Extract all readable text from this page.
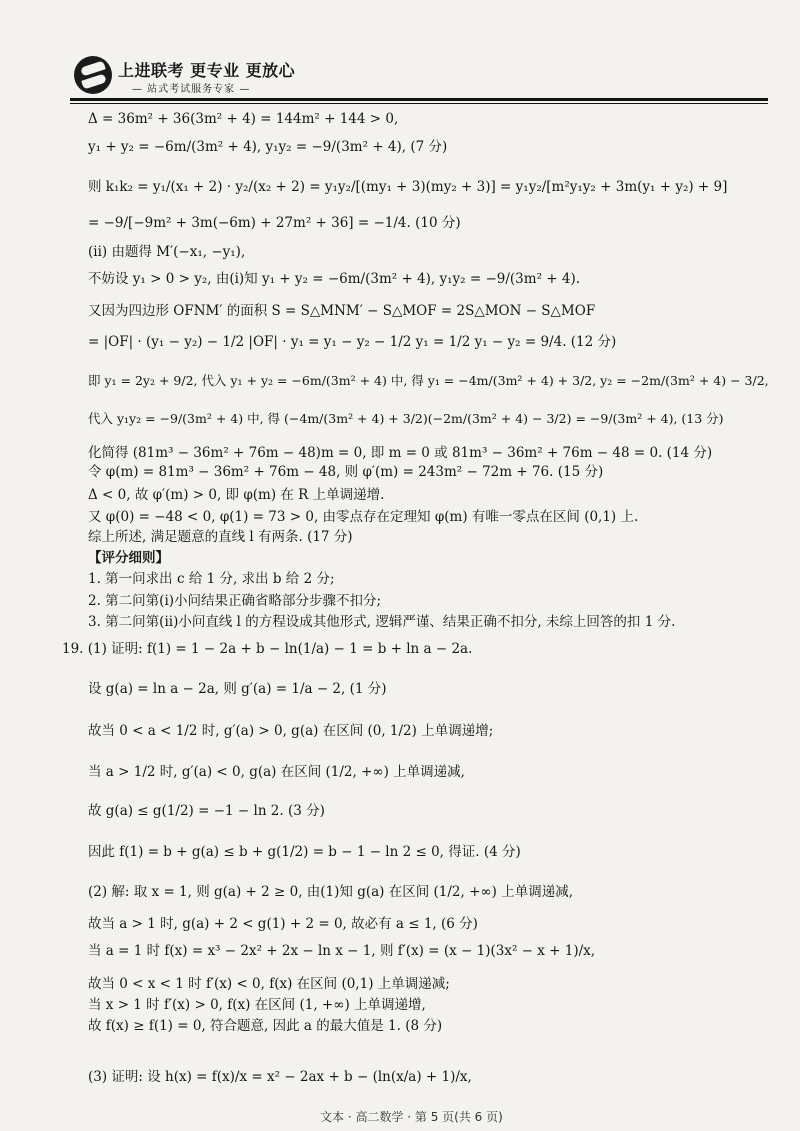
上进联考 更专业 更放心
— 站式考试服务专家 —
Δ = 36m² + 36(3m² + 4) = 144m² + 144 > 0,
y₁ + y₂ = −6m/(3m² + 4), y₁y₂ = −9/(3m² + 4), (7 分)
则 k₁k₂ = y₁/(x₁ + 2) · y₂/(x₂ + 2) = y₁y₂/[(my₁ + 3)(my₂ + 3)] = y₁y₂/[m²y₁y₂ + 3m(y₁ + y₂) + 9]
= −9/[−9m² + 3m(−6m) + 27m² + 36] = −1/4. (10 分)
(ii) 由题得 M′(−x₁, −y₁),
不妨设 y₁ > 0 > y₂, 由(i)知 y₁ + y₂ = −6m/(3m² + 4), y₁y₂ = −9/(3m² + 4).
又因为四边形 OFNM′ 的面积 S = S△MNM′ − S△MOF = 2S△MON − S△MOF
= |OF| · (y₁ − y₂) − 1/2 |OF| · y₁ = y₁ − y₂ − 1/2 y₁ = 1/2 y₁ − y₂ = 9/4. (12 分)
即 y₁ = 2y₂ + 9/2, 代入 y₁ + y₂ = −6m/(3m² + 4) 中, 得 y₁ = −4m/(3m² + 4) + 3/2, y₂ = −2m/(3m² + 4) − 3/2,
代入 y₁y₂ = −9/(3m² + 4) 中, 得 (−4m/(3m² + 4) + 3/2)(−2m/(3m² + 4) − 3/2) = −9/(3m² + 4), (13 分)
化简得 (81m³ − 36m² + 76m − 48)m = 0, 即 m = 0 或 81m³ − 36m² + 76m − 48 = 0. (14 分)
令 φ(m) = 81m³ − 36m² + 76m − 48, 则 φ′(m) = 243m² − 72m + 76. (15 分)
Δ < 0, 故 φ′(m) > 0, 即 φ(m) 在 R 上单调递增.
又 φ(0) = −48 < 0, φ(1) = 73 > 0, 由零点存在定理知 φ(m) 有唯一零点在区间 (0,1) 上.
综上所述, 满足题意的直线 l 有两条. (17 分)
【评分细则】
1. 第一问求出 c 给 1 分, 求出 b 给 2 分;
2. 第二问第(i)小问结果正确省略部分步骤不扣分;
3. 第二问第(ii)小问直线 l 的方程设成其他形式, 逻辑严谨、结果正确不扣分, 未综上回答的扣 1 分.
19. (1) 证明: f(1) = 1 − 2a + b − ln(1/a) − 1 = b + ln a − 2a.
设 g(a) = ln a − 2a, 则 g′(a) = 1/a − 2, (1 分)
故当 0 < a < 1/2 时, g′(a) > 0, g(a) 在区间 (0, 1/2) 上单调递增;
当 a > 1/2 时, g′(a) < 0, g(a) 在区间 (1/2, +∞) 上单调递减,
故 g(a) ≤ g(1/2) = −1 − ln 2. (3 分)
因此 f(1) = b + g(a) ≤ b + g(1/2) = b − 1 − ln 2 ≤ 0, 得证. (4 分)
(2) 解: 取 x = 1, 则 g(a) + 2 ≥ 0, 由(1)知 g(a) 在区间 (1/2, +∞) 上单调递减,
故当 a > 1 时, g(a) + 2 < g(1) + 2 = 0, 故必有 a ≤ 1, (6 分)
当 a = 1 时 f(x) = x³ − 2x² + 2x − ln x − 1, 则 f′(x) = (x − 1)(3x² − x + 1)/x,
故当 0 < x < 1 时 f′(x) < 0, f(x) 在区间 (0,1) 上单调递减;
当 x > 1 时 f′(x) > 0, f(x) 在区间 (1, +∞) 上单调递增,
故 f(x) ≥ f(1) = 0, 符合题意, 因此 a 的最大值是 1. (8 分)
(3) 证明: 设 h(x) = f(x)/x = x² − 2ax + b − (ln(x/a) + 1)/x,
文本 · 高二数学 · 第 5 页(共 6 页)
